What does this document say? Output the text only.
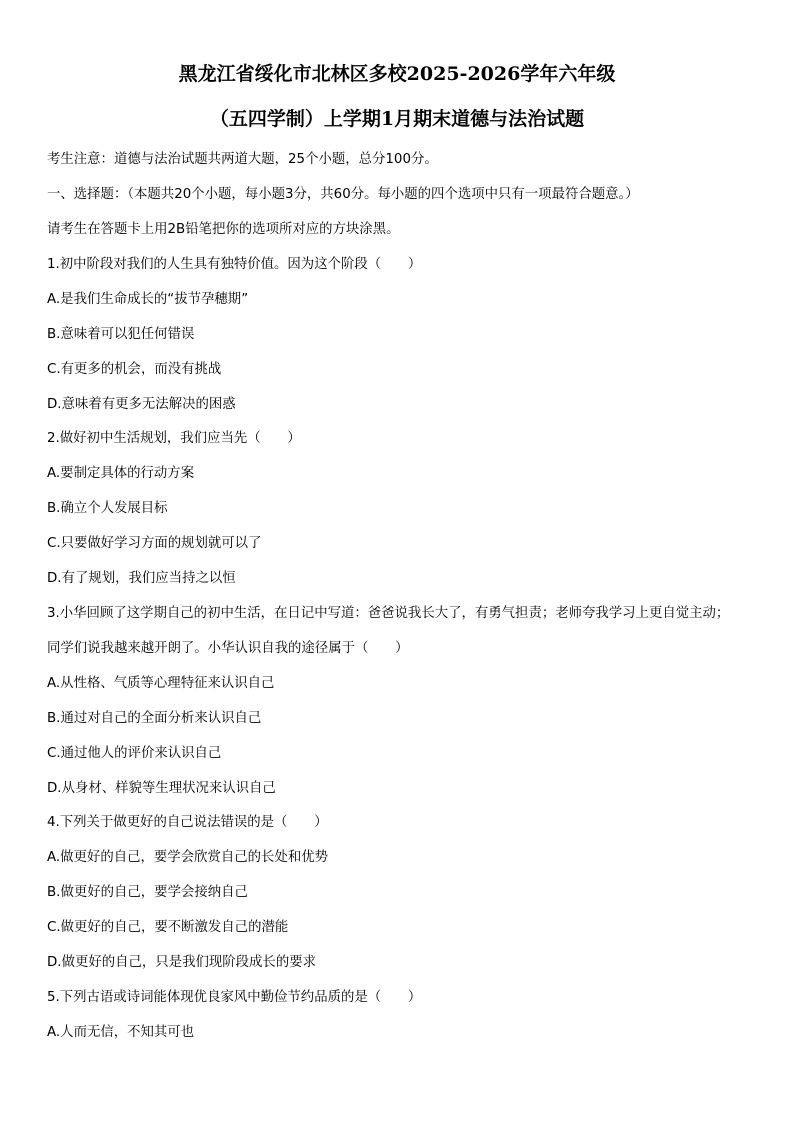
黑龙江省绥化市北林区多校2025-2026学年六年级
（五四学制）上学期1月期末道德与法治试题
考生注意：道德与法治试题共两道大题，25个小题，总分100分。
一、选择题：（本题共20个小题，每小题3分，共60分。每小题的四个选项中只有一项最符合题意。）
请考生在答题卡上用2B铅笔把你的选项所对应的方块涂黑。
1.初中阶段对我们的人生具有独特价值。因为这个阶段（　　）
A.是我们生命成长的“拔节孕穗期”
B.意味着可以犯任何错误
C.有更多的机会，而没有挑战
D.意味着有更多无法解决的困惑
2.做好初中生活规划，我们应当先（　　）
A.要制定具体的行动方案
B.确立个人发展目标
C.只要做好学习方面的规划就可以了
D.有了规划，我们应当持之以恒
3.小华回顾了这学期自己的初中生活，在日记中写道：爸爸说我长大了，有勇气担责；老师夸我学习上更自觉主动；
同学们说我越来越开朗了。小华认识自我的途径属于（　　）
A.从性格、气质等心理特征来认识自己
B.通过对自己的全面分析来认识自己
C.通过他人的评价来认识自己
D.从身材、样貌等生理状况来认识自己
4.下列关于做更好的自己说法错误的是（　　）
A.做更好的自己，要学会欣赏自己的长处和优势
B.做更好的自己，要学会接纳自己
C.做更好的自己，要不断激发自己的潜能
D.做更好的自己，只是我们现阶段成长的要求
5.下列古语或诗词能体现优良家风中勤俭节约品质的是（　　）
A.人而无信，不知其可也
